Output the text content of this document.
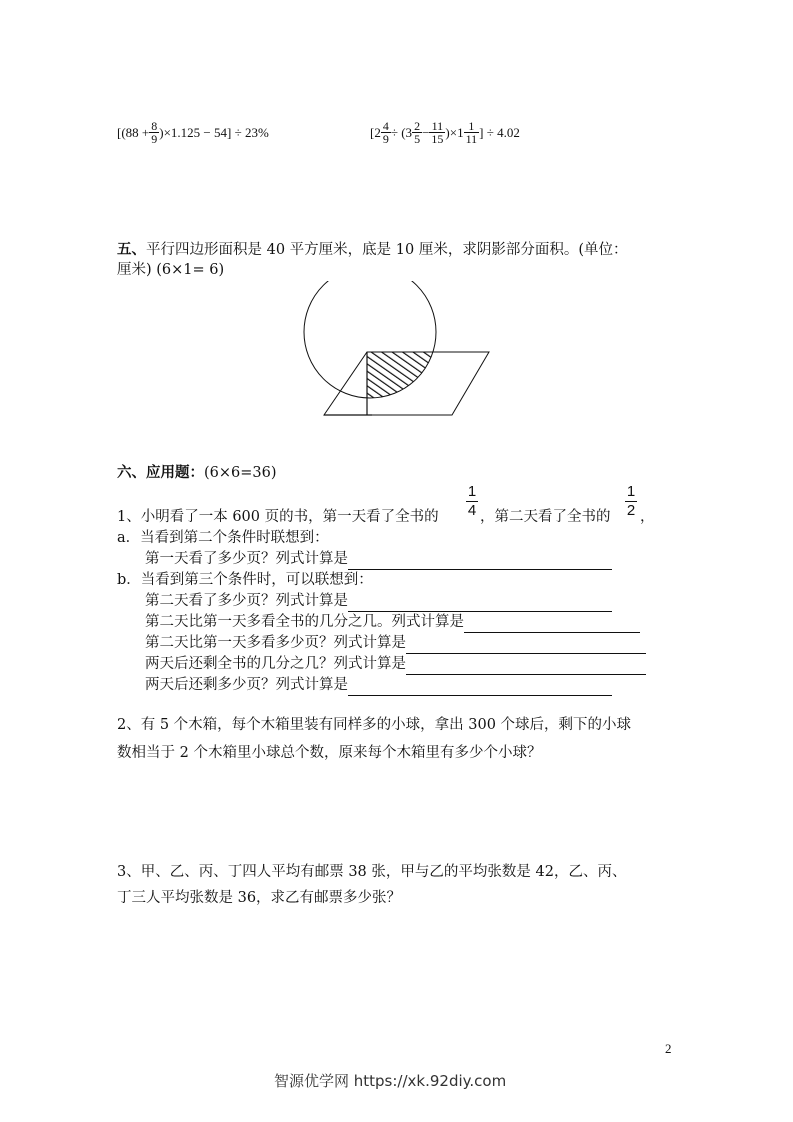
$[(88 + \frac{8}{9} )\times 1.125 - 54] \div 23\%$	[$2 \frac{4}{9} \div (3 \frac{2}{5} - \frac{11}{15} )\times 1 \frac{1}{11}$ ] ÷ 4.02
五、平行四边形面积是 40 平方厘米，底是 10 厘米，求阴影部分面积。(单位：
厘米) (6×1= 6)
六、应用题：(6×6=36)
1
4
1
2
1、小明看了一本 600 页的书，第一天看了全书的	，第二天看了全书的 ，
a．当看到第二个条件时联想到：
第一天看了多少页？列式计算是
b．当看到第三个条件时，可以联想到：
第二天看了多少页？列式计算是
第二天比第一天多看全书的几分之几。列式计算是
第二天比第一天多看多少页？列式计算是
两天后还剩全书的几分之几？列式计算是
两天后还剩多少页？列式计算是
2、有 5 个木箱，每个木箱里装有同样多的小球，拿出 300 个球后，剩下的小球
数相当于 2 个木箱里小球总个数，原来每个木箱里有多少个小球？
3、甲、乙、丙、丁四人平均有邮票 38 张，甲与乙的平均张数是 42，乙、丙、
丁三人平均张数是 36，求乙有邮票多少张？
2
智源优学网 https://xk.92diy.com
